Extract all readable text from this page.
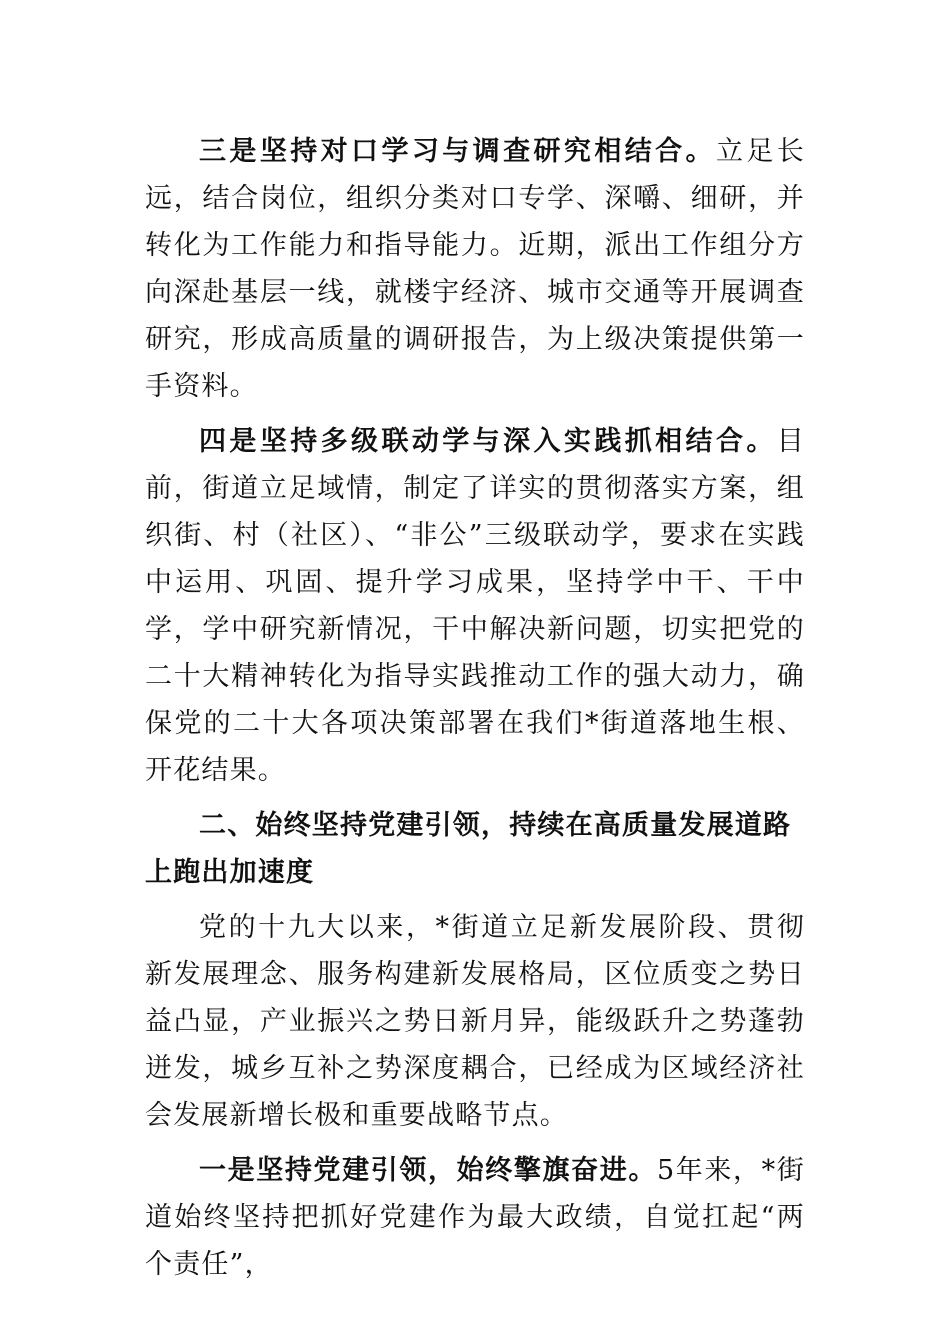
三是坚持对口学习与调查研究相结合。立足长远，结合岗位，组织分类对口专学、深嚼、细研，并转化为工作能力和指导能力。近期，派出工作组分方向深赴基层一线，就楼宇经济、城市交通等开展调查研究，形成高质量的调研报告，为上级决策提供第一手资料。

四是坚持多级联动学与深入实践抓相结合。目前，街道立足域情，制定了详实的贯彻落实方案，组织街、村（社区）、“非公”三级联动学，要求在实践中运用、巩固、提升学习成果，坚持学中干、干中学，学中研究新情况，干中解决新问题，切实把党的二十大精神转化为指导实践推动工作的强大动力，确保党的二十大各项决策部署在我们*街道落地生根、开花结果。

二、始终坚持党建引领，持续在高质量发展道路上跑出加速度

党的十九大以来，*街道立足新发展阶段、贯彻新发展理念、服务构建新发展格局，区位质变之势日益凸显，产业振兴之势日新月异，能级跃升之势蓬勃迸发，城乡互补之势深度耦合，已经成为区域经济社会发展新增长极和重要战略节点。

一是坚持党建引领，始终擎旗奋进。5年来，*街道始终坚持把抓好党建作为最大政绩，自觉扛起“两个责任”，
